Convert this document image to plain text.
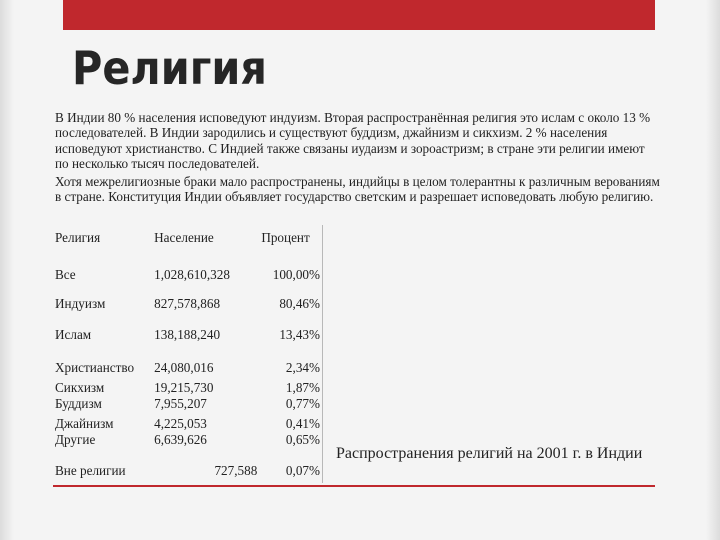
Религия

В Индии 80 % населения исповедуют индуизм. Вторая распространённая религия это ислам с около 13 % последователей. В Индии зародились и существуют буддизм, джайнизм и сикхизм. 2 % населения исповедуют христианство. С Индией также связаны иудаизм и зороастризм; в стране эти религии имеют по несколько тысяч последователей.

Хотя межрелигиозные браки мало распространены, индийцы в целом толерантны к различным верованиям в стране. Конституция Индии объявляет государство светским и разрешает исповедовать любую религию.

Религия	Население	Процент
Все	1,028,610,328	100,00%
Индуизм	827,578,868	80,46%
Ислам	138,188,240	13,43%
Христианство	24,080,016	2,34%
Сикхизм	19,215,730	1,87%
Буддизм	7,955,207	0,77%
Джайнизм	4,225,053	0,41%
Другие	6,639,626	0,65%
Вне религии	727,588	0,07%
Распространения религий на 2001 г. в Индии
